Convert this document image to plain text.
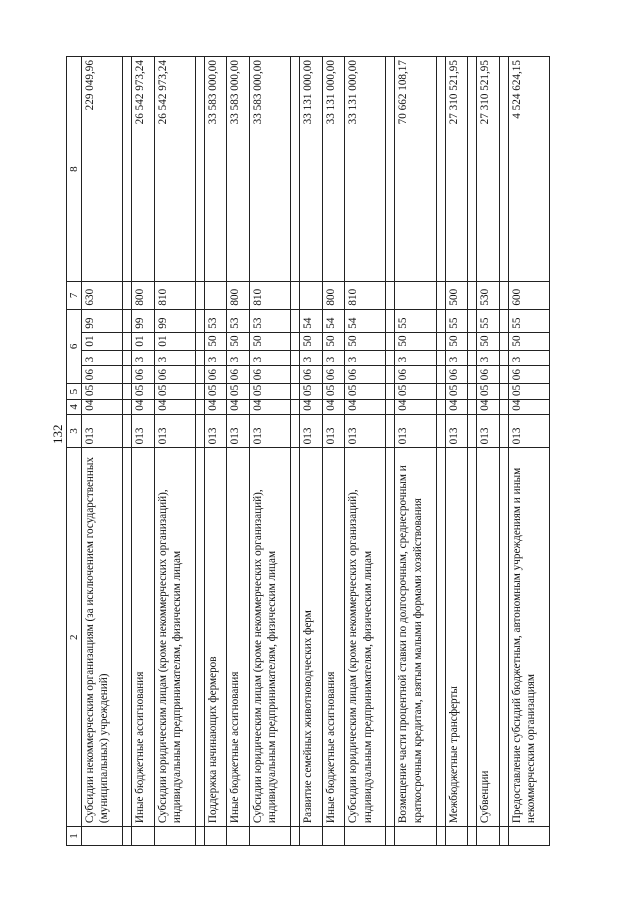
132
1	2	3	4	5	6				7	8
	Субсидии некоммерческим организациям (за исключением государственных (муниципальных) учреждений)	013	04	05	06	3	01	99	630	229 049,96

	Иные бюджетные ассигнования	013	04	05	06	3	01	99	800	26 542 973,24
	Субсидии юридическим лицам (кроме некоммерческих организаций), индивидуальным предпринимателям, физическим лицам	013	04	05	06	3	01	99	810	26 542 973,24

	Поддержка начинающих фермеров	013	04	05	06	3	50	53		33 583 000,00
	Иные бюджетные ассигнования	013	04	05	06	3	50	53	800	33 583 000,00
	Субсидии юридическим лицам (кроме некоммерческих организаций), индивидуальным предпринимателям, физическим лицам	013	04	05	06	3	50	53	810	33 583 000,00

	Развитие семейных животноводческих ферм	013	04	05	06	3	50	54		33 131 000,00
	Иные бюджетные ассигнования	013	04	05	06	3	50	54	800	33 131 000,00
	Субсидии юридическим лицам (кроме некоммерческих организаций), индивидуальным предпринимателям, физическим лицам	013	04	05	06	3	50	54	810	33 131 000,00

	Возмещение части процентной ставки по долгосрочным, среднесрочным и краткосрочным кредитам, взятым малыми формами хозяйствования	013	04	05	06	3	50	55		70 662 108,17

	Межбюджетные трансферты	013	04	05	06	3	50	55	500	27 310 521,95

	Субвенции	013	04	05	06	3	50	55	530	27 310 521,95

	Предоставление субсидий бюджетным, автономным учреждениям и иным некоммерческим организациям	013	04	05	06	3	50	55	600	4 524 624,15
